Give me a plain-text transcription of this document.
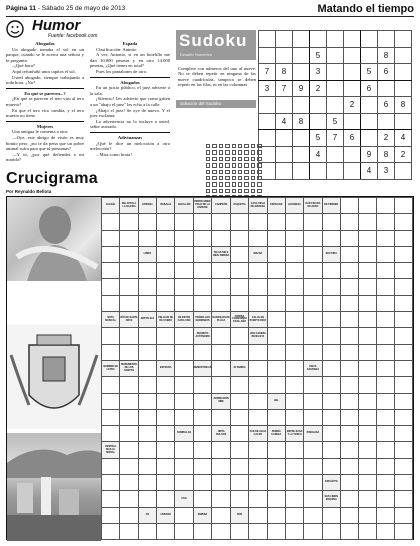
Página 11 - Sábado 25 de mayo de 2013	Matando el tiempo
Humor
Fuente: facebook.com
Abogados

Un abogado tomaba el sol en un parque, cuando se le acerca una señora y le pregunta:

–¡Qué hora?

Aquí refunfuñó unos tapitos el sol.

Usted abogado, siempre trabajando a toda hora, ¿No?

En qué se parecen...?

¿En qué se parecen el tero viru al tero muerto?

En que el tero viro cambia, y el tero muerto no tiene.

Mujeres

Una antigua le comenta a otra:

—Oye, este abrigo de visón es muy bonito pero, ¿no te da pena que un pobre animal sufra para que tú presumas?

—Y tú, ¿por qué defiendes a mi marido?

Espada

Clasificación: Animio

A ver, Antonio, si en un hotelillo me dan 10.000 pesetas y en otro 14.000 pesetas, ¿Qué tienes en total?

Pues los pantalones de otro.

Abogados

En un juicio público, el juez advierte a la sala:

¡Silencio! Les advierto que como griten a un "abajo el juez" les echo a la calle.

¡Abajo el juez! Se oye de nuevo. Y el juez exclama:

La advertencia no lo incluye a usted, señor acusado.

Adivinanzas

¿Qué le dice un melocotón a otro melocotón?

– Mira como brota!

Sudoku
Desafío Numérico
Complete con números del uno al nueve. No se deben repetir en ninguna de las nueve cuadrículas, tampoco se deben repetir en las filas, ni en las columnas
Solución del Sudoku

			5				8	
7	8		3			5	6	
3	7	9	2			6		
					2		6	8
	4	8		5				
			5	7	6		2	4
			4			9	8	2
						4	3	
Crucigrama
Por Reynaldo Bellota
ELEGÍA	RELATIVO A LA IGLESIA	LIBRANA	ROSALÍA	AGUILLÓN	PERRO AMER. POLO DE LA ESPECIE	CAMPEÓN	ESQUEITA	CASA VIEJA DE MADERA	ESPACIAR	HOCINEZA	DAR FIGURA DE ARCO	DE PERDER				

		LIBRO				TELAS SELV. RIEN. BEBIDA		MAZAR				SOLTURA				

NOTA MUSICAL	RÍO DE SANTA CRUZ	ARTOS ELE	PELLEJO DE DE CUERO	DE ESTOS CADA UNO	PRÓMA LOS GERMANOS	NARANJAS DE PLACA	COMIDA CONSUMIDA EN EL AÑO	CALLE EN PUERTO RICO								
					DECRETO AUTÓNOMO			UNA CADENA BICICLETA								

NOMBRE DE LETRA	MONUMENTO DE LOS SANTOS		ESTRADA		DEMOSTRICAS		ALTAMIRA				PIEZA SAGRADA					

						AFIRMACIÓN MBE			HEL							

				SOMBILLAS		OMTA BOLSOS		FUE DE AGUA CALDO	PEDIRÁ CABEZA	ENTRE SUAD Y LA TOSCA	PINCHADA					
CENTRAL MAS AL MORAL																

												EXPLÍCITO				
				USO								DAS LIMON ESQUINA				
		OZ	URBANO		BOBINA		SOR									
